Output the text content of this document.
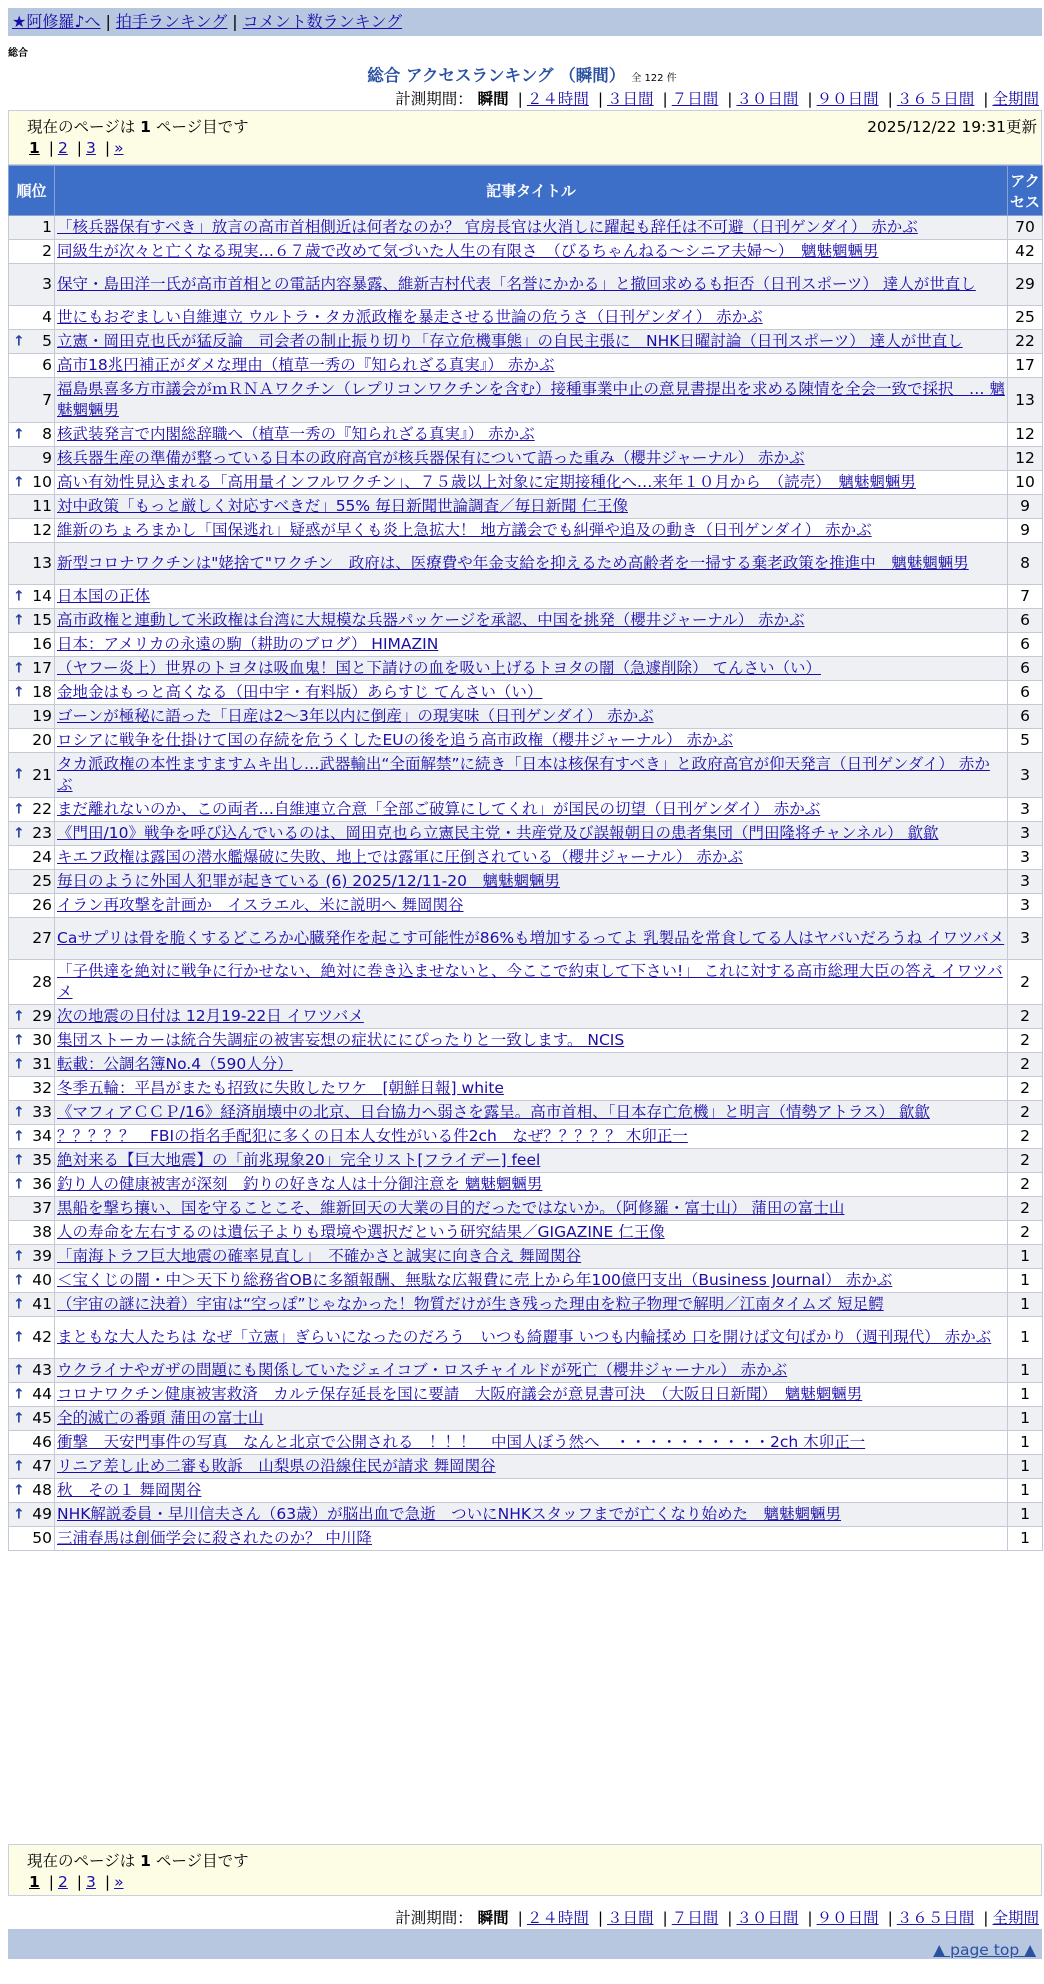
★阿修羅♪へ | 拍手ランキング | コメント数ランキング
総合
総合 アクセスランキング （瞬間） 全 122 件
計測期間： 瞬間 | ２４時間 | ３日間 | ７日間 | ３０日間 | ９０日間 | ３６５日間 | 全期間
現在のページは 1 ページ目です	2025/12/22 19:31更新
1 | 2 | 3 | »
順位	記事タイトル	アクセス
1	「核兵器保有すべき」放言の高市首相側近は何者なのか？ 官房長官は火消しに躍起も辞任は不可避（日刊ゲンダイ） 赤かぶ	70
2	同級生が次々と亡くなる現実…６７歳で改めて気づいた人生の有限さ　（びるちゃんねる～シニア夫婦～）　魑魅魍魎男	42
3	保守・島田洋一氏が高市首相との電話内容暴露、維新吉村代表「名誉にかかる」と撤回求めるも拒否（日刊スポーツ） 達人が世直し	29
4	世にもおぞましい自維連立 ウルトラ・タカ派政権を暴走させる世論の危うさ（日刊ゲンダイ） 赤かぶ	25

↑ 5	立憲・岡田克也氏が猛反論　司会者の制止振り切り「存立危機事態」の自民主張に　NHK日曜討論（日刊スポーツ） 達人が世直し	22
6	高市18兆円補正がダメな理由（植草一秀の『知られざる真実』） 赤かぶ	17
7	福島県喜多方市議会がｍＲＮＡワクチン（レプリコンワクチンを含む）接種事業中止の意見書提出を求める陳情を全会一致で採択　… 魑魅魍魎男	13

↑ 8	核武装発言で内閣総辞職へ（植草一秀の『知られざる真実』） 赤かぶ	12
9	核兵器生産の準備が整っている日本の政府高官が核兵器保有について語った重み（櫻井ジャーナル） 赤かぶ	12

↑ 10	高い有効性見込まれる「高用量インフルワクチン」、７５歳以上対象に定期接種化へ…来年１０月から　（読売）　魑魅魍魎男	10
11	対中政策「もっと厳しく対応すべきだ」55% 毎日新聞世論調査／毎日新聞 仁王像	9
12	維新のちょろまかし「国保逃れ」疑惑が早くも炎上急拡大！ 地方議会でも糾弾や追及の動き（日刊ゲンダイ） 赤かぶ	9
13	新型コロナワクチンは"姥捨て"ワクチン　政府は、医療費や年金支給を抑えるため高齢者を一掃する棄老政策を推進中　魑魅魍魎男	8

↑ 14	日本国の正体	7

↑ 15	高市政権と連動して米政権は台湾に大規模な兵器パッケージを承認、中国を挑発（櫻井ジャーナル） 赤かぶ	6
16	日本：アメリカの永遠の駒（耕助のブログ） HIMAZIN	6

↑ 17	（ヤフー炎上）世界のトヨタは吸血鬼！国と下請けの血を吸い上げるトヨタの闇（急遽削除） てんさい（い）	6

↑ 18	金地金はもっと高くなる（田中宇・有料版）あらすじ てんさい（い）	6
19	ゴーンが極秘に語った「日産は2～3年以内に倒産」の現実味（日刊ゲンダイ） 赤かぶ	6
20	ロシアに戦争を仕掛けて国の存続を危うくしたEUの後を追う高市政権（櫻井ジャーナル） 赤かぶ	5

↑ 21	タカ派政権の本性ますますムキ出し…武器輸出“全面解禁”に続き「日本は核保有すべき」と政府高官が仰天発言（日刊ゲンダイ） 赤かぶ	3

↑ 22	まだ離れないのか、この両者…自維連立合意「全部ご破算にしてくれ」が国民の切望（日刊ゲンダイ） 赤かぶ	3

↑ 23	《門田/10》戦争を呼び込んでいるのは、岡田克也ら立憲民主党・共産党及び誤報朝日の患者集団（門田隆将チャンネル） 歙歙	3
24	キエフ政権は露国の潜水艦爆破に失敗、地上では露軍に圧倒されている（櫻井ジャーナル） 赤かぶ	3
25	毎日のように外国人犯罪が起きている (6) 2025/12/11-20　魑魅魍魎男	3
26	イラン再攻撃を計画か　イスラエル、米に説明へ 舞岡関谷	3
27	Caサプリは骨を脆くするどころか心臓発作を起こす可能性が86%も増加するってよ 乳製品を常食してる人はヤバいだろうね イワツバメ	3
28	「子供達を絶対に戦争に行かせない、絶対に巻き込ませないと、今ここで約束して下さい!」 これに対する高市総理大臣の答え イワツバメ	2

↑ 29	次の地震の日付は 12月19-22日 イワツバメ	2

↑ 30	集団ストーカーは統合失調症の被害妄想の症状ににぴったりと一致します。 NCIS	2

↑ 31	転載：公調名簿No.4（590人分）	2
32	冬季五輪：平昌がまたも招致に失敗したワケ　[朝鮮日報] white	2

↑ 33	《マフィアＣＣＰ/16》経済崩壊中の北京、日台協力へ弱さを露呈。高市首相、「日本存亡危機」と明言（情勢アトラス） 歙歙	2

↑ 34	？？？？？　FBIの指名手配犯に多くの日本人女性がいる件2ch　なぜ？？？？？ 木卯正一	2

↑ 35	絶対来る【巨大地震】の「前兆現象20」完全リスト[フライデー] feel	2

↑ 36	釣り人の健康被害が深刻　釣りの好きな人は十分御注意を 魑魅魍魎男	2
37	黒船を撃ち攘い、国を守ることこそ、維新回天の大業の目的だったではないか。（阿修羅・富士山） 蒲田の富士山	2
38	人の寿命を左右するのは遺伝子よりも環境や選択だという研究結果／GIGAZINE 仁王像	2

↑ 39	「南海トラフ巨大地震の確率見直し」　不確かさと誠実に向き合え 舞岡関谷	1

↑ 40	＜宝くじの闇・中＞天下り総務省OBに多額報酬、無駄な広報費に売上から年100億円支出（Business Journal） 赤かぶ	1

↑ 41	（宇宙の謎に決着）宇宙は“空っぽ”じゃなかった！物質だけが生き残った理由を粒子物理で解明／江南タイムズ 短足鰐	1

↑ 42	まともな大人たちは なぜ「立憲」ぎらいになったのだろう　いつも綺麗事 いつも内輪揉め 口を開けば文句ばかり（週刊現代） 赤かぶ	1

↑ 43	ウクライナやガザの問題にも関係していたジェイコブ・ロスチャイルドが死亡（櫻井ジャーナル） 赤かぶ	1

↑ 44	コロナワクチン健康被害救済　カルテ保存延長を国に要請　大阪府議会が意見書可決　（大阪日日新聞）　魑魅魍魎男	1

↑ 45	全的滅亡の番頭 蒲田の富士山	1
46	衝撃　天安門事件の写真　なんと北京で公開される　！！！　中国人ぼう然へ　・・・・・・・・・・2ch 木卯正一	1

↑ 47	リニア差し止め二審も敗訴　山梨県の沿線住民が請求 舞岡関谷	1

↑ 48	秋　その１ 舞岡関谷	1

↑ 49	NHK解説委員・早川信夫さん（63歳）が脳出血で急逝　ついにNHKスタッフまでが亡くなり始めた　魑魅魍魎男	1
50	三浦春馬は創価学会に殺されたのか？ 中川降	1
現在のページは 1 ページ目です
1 | 2 | 3 | »
計測期間： 瞬間 | ２４時間 | ３日間 | ７日間 | ３０日間 | ９０日間 | ３６５日間 | 全期間
▲ page top ▲
